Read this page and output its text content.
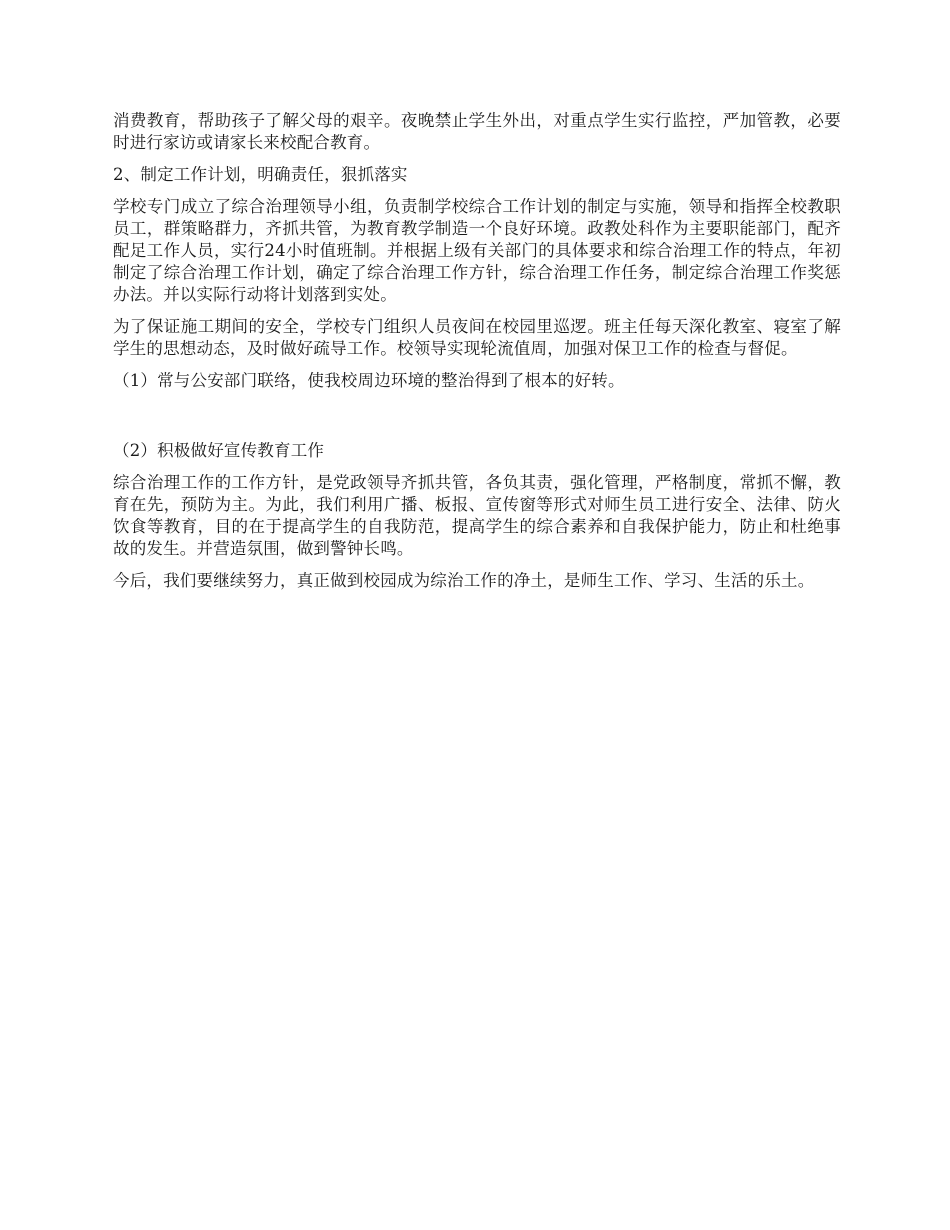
消费教育，帮助孩子了解父母的艰辛。夜晚禁止学生外出，对重点学生实行监控，严加管教，必要时进行家访或请家长来校配合教育。

2、制定工作计划，明确责任，狠抓落实

学校专门成立了综合治理领导小组，负责制学校综合工作计划的制定与实施，领导和指挥全校教职员工，群策略群力，齐抓共管，为教育教学制造一个良好环境。政教处科作为主要职能部门，配齐配足工作人员，实行24小时值班制。并根据上级有关部门的具体要求和综合治理工作的特点，年初制定了综合治理工作计划，确定了综合治理工作方针，综合治理工作任务，制定综合治理工作奖惩办法。并以实际行动将计划落到实处。

为了保证施工期间的安全，学校专门组织人员夜间在校园里巡逻。班主任每天深化教室、寝室了解学生的思想动态，及时做好疏导工作。校领导实现轮流值周，加强对保卫工作的检查与督促。

（1）常与公安部门联络，使我校周边环境的整治得到了根本的好转。

（2）积极做好宣传教育工作

综合治理工作的工作方针，是党政领导齐抓共管，各负其责，强化管理，严格制度，常抓不懈，教育在先，预防为主。为此，我们利用广播、板报、宣传窗等形式对师生员工进行安全、法律、防火饮食等教育，目的在于提高学生的自我防范，提高学生的综合素养和自我保护能力，防止和杜绝事故的发生。并营造氛围，做到警钟长鸣。

今后，我们要继续努力，真正做到校园成为综治工作的净土，是师生工作、学习、生活的乐土。
